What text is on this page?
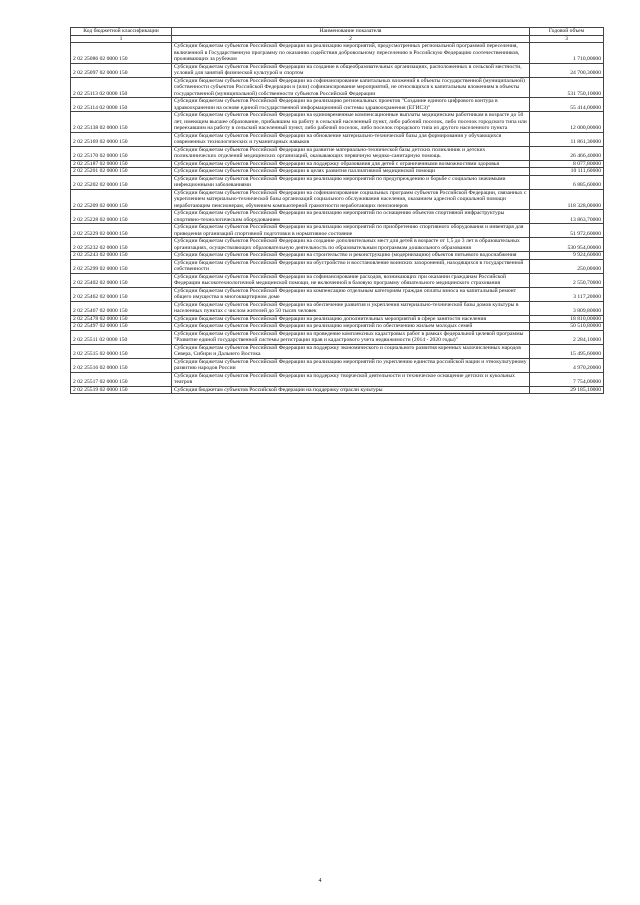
Код бюджетной классификации	Наименование показателя	Годовой объем
1	2	3
2 02 25086 02 0000 150	Субсидии бюджетам субъектов Российской Федерации на реализацию мероприятий, предусмотренных региональной программой переселения, включенной в Государственную программу по оказанию содействия добровольному переселению в Российскую Федерацию соотечественников, проживающих за рубежом	1 710,00000
2 02 25097 02 0000 150	Субсидии бюджетам субъектов Российской Федерации на создание в общеобразовательных организациях, расположенных в сельской местности, условий для занятий физической культурой и спортом	24 700,30000
2 02 25113 02 0000 150	Субсидии бюджетам субъектов Российской Федерации на софинансирование капитальных вложений в объекты государственной (муниципальной) собственности субъектов Российской Федерации и (или) софинансирование мероприятий, не относящихся к капитальным вложениям в объекты государственной (муниципальной) собственности субъектов Российской Федерации	531 750,10000
2 02 25114 02 0000 150	Субсидии бюджетам субъектов Российской Федерации на реализацию региональных проектов "Создание единого цифрового контура в здравоохранении на основе единой государственной информационной системы здравоохранения (ЕГИСЗ)"	55 414,00000
2 02 25138 02 0000 150	Субсидии бюджетам субъектов Российской Федерации на единовременные компенсационные выплаты медицинским работникам в возрасте до 50 лет, имеющим высшее образование, прибывшим на работу в сельский населенный пункт, либо рабочий поселок, либо поселок городского типа или переехавшим на работу в сельский населенный пункт, либо рабочий поселок, либо поселок городского типа из другого населенного пункта	12 000,00000
2 02 25169 02 0000 150	Субсидии бюджетам субъектов Российской Федерации на обновление материально-технической базы для формирования у обучающихся современных технологических и гуманитарных навыков	11 861,30000
2 02 25170 02 0000 150	Субсидии бюджетам субъектов Российской Федерации на развитие материально-технической базы детских поликлиник и детских поликлинических отделений медицинских организаций, оказывающих первичную медико-санитарную помощь	26 466,40000
2 02 25187 02 0000 150	Субсидии бюджетам субъектов Российской Федерации на поддержку образования для детей с ограниченными возможностями здоровья	8 077,80000
2 02 25201 02 0000 150	Субсидии бюджетам субъектов Российской Федерации в целях развития паллиативной медицинской помощи	10 111,60000
2 02 25202 02 0000 150	Субсидии бюджетам субъектов Российской Федерации на реализацию мероприятий по предупреждению и борьбе с социально значимыми инфекционными заболеваниями	6 885,60000
2 02 25209 02 0000 150	Субсидии бюджетам субъектов Российской Федерации на софинансирование социальных программ субъектов Российской Федерации, связанных с укреплением материально-технической базы организаций социального обслуживания населения, оказанием адресной социальной помощи неработающим пенсионерам, обучением компьютерной грамотности неработающих пенсионеров	118 328,00000
2 02 25228 02 0000 150	Субсидии бюджетам субъектов Российской Федерации на реализацию мероприятий по оснащению объектов спортивной инфраструктуры спортивно-технологическим оборудованием	13 863,70000
2 02 25229 02 0000 150	Субсидии бюджетам субъектов Российской Федерации на реализацию мероприятий по приобретению спортивного оборудования и инвентаря для приведения организаций спортивной подготовки в нормативное состояние	51 972,60000
2 02 25232 02 0000 150	Субсидии бюджетам субъектов Российской Федерации на создание дополнительных мест для детей в возрасте от 1,5 до 3 лет в образовательных организациях, осуществляющих образовательную деятельность по образовательным программам дошкольного образования	530 954,00000
2 02 25243 02 0000 150	Субсидии бюджетам субъектов Российской Федерации на строительство и реконструкцию (модернизацию) объектов питьевого водоснабжения	9 924,60000
2 02 25299 02 0000 150	Субсидии бюджетам субъектов Российской Федерации на обустройство и восстановление воинских захоронений, находящихся в государственной собственности	250,00000
2 02 25402 02 0000 150	Субсидии бюджетам субъектов Российской Федерации на софинансирование расходов, возникающих при оказании гражданам Российской Федерации высокотехнологичной медицинской помощи, не включенной в базовую программу обязательного медицинского страхования	2 550,70000
2 02 25462 02 0000 150	Субсидии бюджетам субъектов Российской Федерации на компенсацию отдельным категориям граждан оплаты взноса на капитальный ремонт общего имущества в многоквартирном доме	3 117,20000
2 02 25467 02 0000 150	Субсидии бюджетам субъектов Российской Федерации на обеспечение развития и укрепления материально-технической базы домов культуры в населенных пунктах с числом жителей до 50 тысяч человек	3 809,80000
2 02 25478 02 0000 150	Субсидии бюджетам субъектов Российской Федерации на реализацию дополнительных мероприятий в сфере занятости населения	18 810,00000
2 02 25497 02 0000 150	Субсидии бюджетам субъектов Российской Федерации на реализацию мероприятий по обеспечению жильем молодых семей	50 510,80000
2 02 25511 02 0000 150	Субсидии бюджетам субъектов Российской Федерации на проведение комплексных кадастровых работ в рамках федеральной целевой программы "Развитие единой государственной системы регистрации прав и кадастрового учета недвижимости (2014 - 2020 годы)"	2 284,10000
2 02 25515 02 0000 150	Субсидии бюджетам субъектов Российской Федерации на поддержку экономического и социального развития коренных малочисленных народов Севера, Сибири и Дальнего Востока	15 495,60000
2 02 25516 02 0000 150	Субсидии бюджетам субъектов Российской Федерации на реализацию мероприятий по укреплению единства российской нации и этнокультурному развитию народов России	4 970,20000
2 02 25517 02 0000 150	Субсидии бюджетам субъектов Российской Федерации на поддержку творческой деятельности и техническое оснащение детских и кукольных театров	7 754,00000
2 02 25519 02 0000 150	Субсидия бюджетам субъектов Российской Федерации на поддержку отрасли культуры	29 185,10000
4
